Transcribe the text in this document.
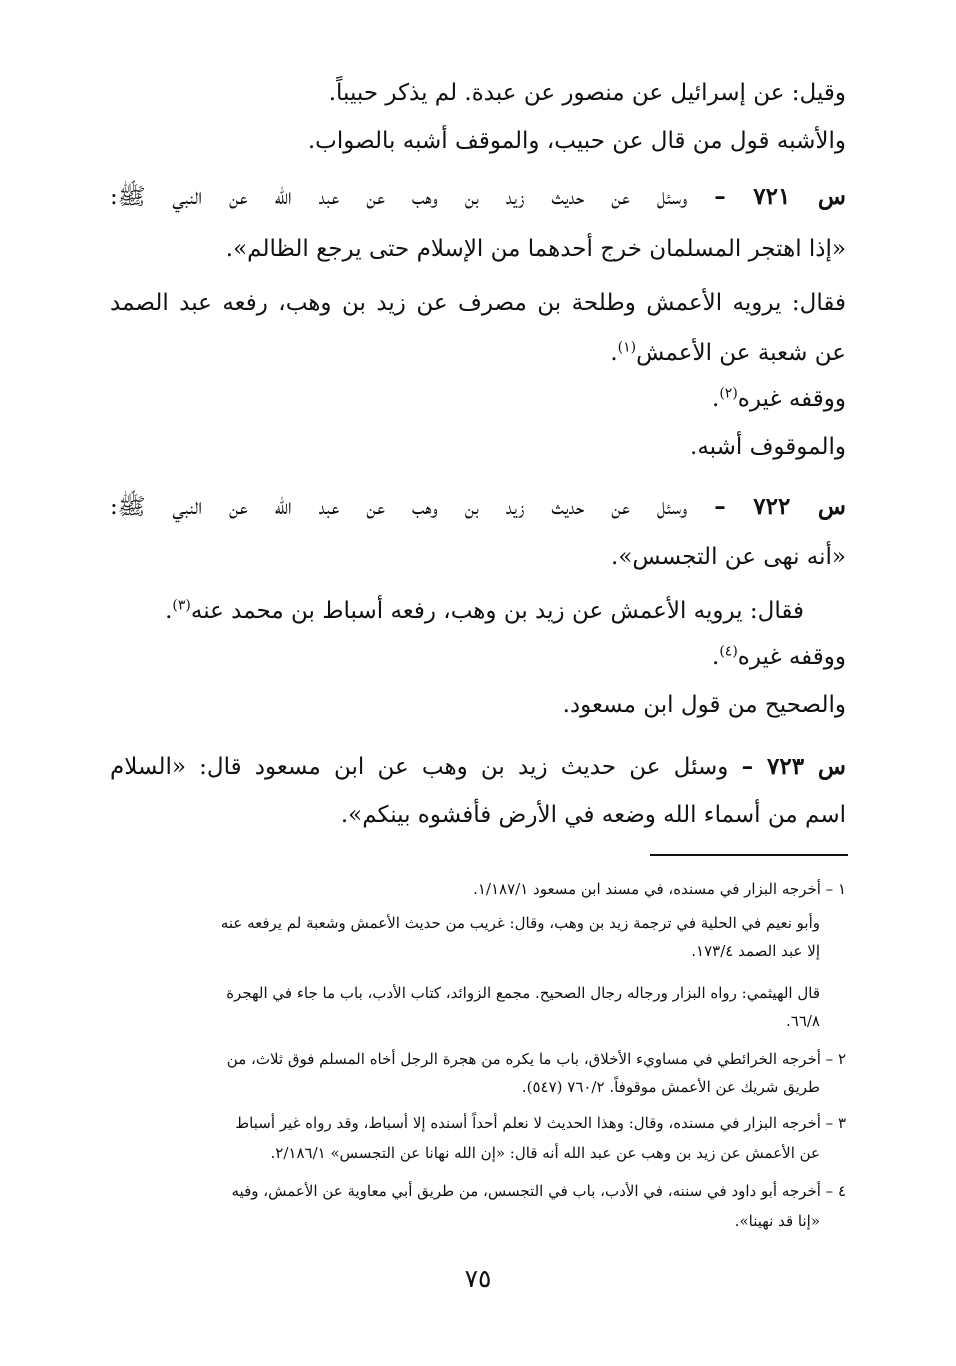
وقيل: عن إسرائيل عن منصور عن عبدة. لم يذكر حبيباً.
والأشبه قول من قال عن حبيب، والموقف أشبه بالصواب.
س ٧٢١ – وسئل عن حديث زيد بن وهب عن عبد الله عن النبي ﷺ:
«إذا اهتجر المسلمان خرج أحدهما من الإسلام حتى يرجع الظالم».
فقال: يرويه الأعمش وطلحة بن مصرف عن زيد بن وهب، رفعه عبد الصمد
عن شعبة عن الأعمش$^{(١)}$.
ووقفه غيره$^{(٢)}$.
والموقوف أشبه.
س ٧٢٢ – وسئل عن حديث زيد بن وهب عن عبد الله عن النبي ﷺ:
«أنه نهى عن التجسس».
فقال: يرويه الأعمش عن زيد بن وهب، رفعه أسباط بن محمد عنه$^{(٣)}$.
ووقفه غيره$^{(٤)}$.
والصحيح من قول ابن مسعود.
س ٧٢٣ – وسئل عن حديث زيد بن وهب عن ابن مسعود قال: «السلام
اسم من أسماء الله وضعه في الأرض فأفشوه بينكم».
١ – أخرجه البزار في مسنده، في مسند ابن مسعود ١/١٨٧/١.
وأبو نعيم في الحلية في ترجمة زيد بن وهب، وقال: غريب من حديث الأعمش وشعبة لم يرفعه عنه
إلا عبد الصمد ١٧٣/٤.
قال الهيثمي: رواه البزار ورجاله رجال الصحيح. مجمع الزوائد، كتاب الأدب، باب ما جاء في الهجرة
٦٦/٨.
٢ – أخرجه الخرائطي في مساويء الأخلاق، باب ما يكره من هجرة الرجل أخاه المسلم فوق ثلاث، من
طريق شريك عن الأعمش موقوفاً. ٧٦٠/٢ (٥٤٧).
٣ – أخرجه البزار في مسنده، وقال: وهذا الحديث لا نعلم أحداً أسنده إلا أسباط، وقد رواه غير أسباط
عن الأعمش عن زيد بن وهب عن عبد الله أنه قال: «إن الله نهانا عن التجسس» ٢/١٨٦/١.
٤ – أخرجه أبو داود في سننه، في الأدب، باب في التجسس، من طريق أبي معاوية عن الأعمش، وفيه
«إنا قد نهينا».
٧٥
